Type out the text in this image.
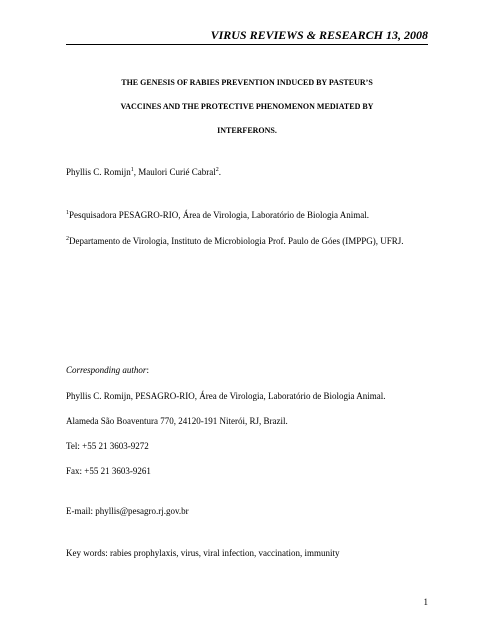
VIRUS REVIEWS & RESEARCH 13, 2008
THE GENESIS OF RABIES PREVENTION INDUCED BY PASTEUR’S
VACCINES AND THE PROTECTIVE PHENOMENON MEDIATED BY
INTERFERONS.
Phyllis C. Romijn$^1$, Maulori Curié Cabral$^2$.
$^1$Pesquisadora PESAGRO-RIO, Área de Virologia, Laboratório de Biologia Animal.
$^2$Departamento de Virologia, Instituto de Microbiologia Prof. Paulo de Góes (IMPPG), UFRJ.
Corresponding author:
Phyllis C. Romijn, PESAGRO-RIO, Área de Virologia, Laboratório de Biologia Animal.
Alameda São Boaventura 770, 24120-191 Niterói, RJ, Brazil.
Tel: +55 21 3603-9272
Fax: +55 21 3603-9261
E-mail: phyllis@pesagro.rj.gov.br
Key words: rabies prophylaxis, virus, viral infection, vaccination, immunity
1
